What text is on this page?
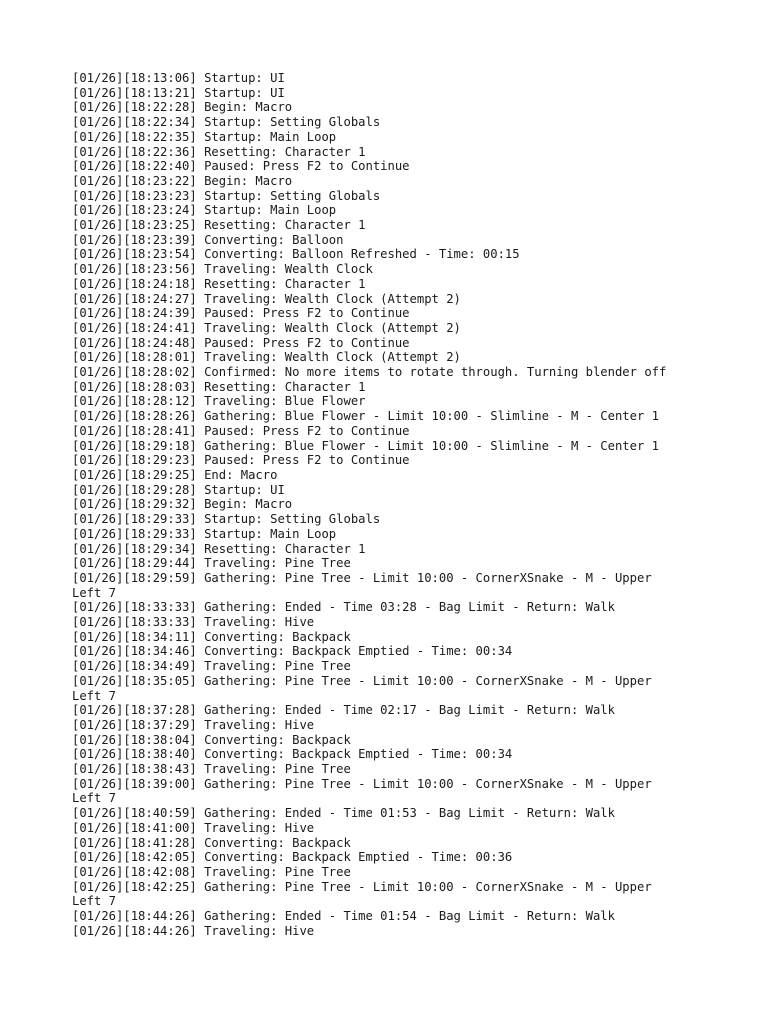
[01/26][18:13:06] Startup: UI
[01/26][18:13:21] Startup: UI
[01/26][18:22:28] Begin: Macro
[01/26][18:22:34] Startup: Setting Globals
[01/26][18:22:35] Startup: Main Loop
[01/26][18:22:36] Resetting: Character 1
[01/26][18:22:40] Paused: Press F2 to Continue
[01/26][18:23:22] Begin: Macro
[01/26][18:23:23] Startup: Setting Globals
[01/26][18:23:24] Startup: Main Loop
[01/26][18:23:25] Resetting: Character 1
[01/26][18:23:39] Converting: Balloon
[01/26][18:23:54] Converting: Balloon Refreshed - Time: 00:15
[01/26][18:23:56] Traveling: Wealth Clock
[01/26][18:24:18] Resetting: Character 1
[01/26][18:24:27] Traveling: Wealth Clock (Attempt 2)
[01/26][18:24:39] Paused: Press F2 to Continue
[01/26][18:24:41] Traveling: Wealth Clock (Attempt 2)
[01/26][18:24:48] Paused: Press F2 to Continue
[01/26][18:28:01] Traveling: Wealth Clock (Attempt 2)
[01/26][18:28:02] Confirmed: No more items to rotate through. Turning blender off
[01/26][18:28:03] Resetting: Character 1
[01/26][18:28:12] Traveling: Blue Flower
[01/26][18:28:26] Gathering: Blue Flower - Limit 10:00 - Slimline - M - Center 1
[01/26][18:28:41] Paused: Press F2 to Continue
[01/26][18:29:18] Gathering: Blue Flower - Limit 10:00 - Slimline - M - Center 1
[01/26][18:29:23] Paused: Press F2 to Continue
[01/26][18:29:25] End: Macro
[01/26][18:29:28] Startup: UI
[01/26][18:29:32] Begin: Macro
[01/26][18:29:33] Startup: Setting Globals
[01/26][18:29:33] Startup: Main Loop
[01/26][18:29:34] Resetting: Character 1
[01/26][18:29:44] Traveling: Pine Tree
[01/26][18:29:59] Gathering: Pine Tree - Limit 10:00 - CornerXSnake - M - Upper
Left 7
[01/26][18:33:33] Gathering: Ended - Time 03:28 - Bag Limit - Return: Walk
[01/26][18:33:33] Traveling: Hive
[01/26][18:34:11] Converting: Backpack
[01/26][18:34:46] Converting: Backpack Emptied - Time: 00:34
[01/26][18:34:49] Traveling: Pine Tree
[01/26][18:35:05] Gathering: Pine Tree - Limit 10:00 - CornerXSnake - M - Upper
Left 7
[01/26][18:37:28] Gathering: Ended - Time 02:17 - Bag Limit - Return: Walk
[01/26][18:37:29] Traveling: Hive
[01/26][18:38:04] Converting: Backpack
[01/26][18:38:40] Converting: Backpack Emptied - Time: 00:34
[01/26][18:38:43] Traveling: Pine Tree
[01/26][18:39:00] Gathering: Pine Tree - Limit 10:00 - CornerXSnake - M - Upper
Left 7
[01/26][18:40:59] Gathering: Ended - Time 01:53 - Bag Limit - Return: Walk
[01/26][18:41:00] Traveling: Hive
[01/26][18:41:28] Converting: Backpack
[01/26][18:42:05] Converting: Backpack Emptied - Time: 00:36
[01/26][18:42:08] Traveling: Pine Tree
[01/26][18:42:25] Gathering: Pine Tree - Limit 10:00 - CornerXSnake - M - Upper
Left 7
[01/26][18:44:26] Gathering: Ended - Time 01:54 - Bag Limit - Return: Walk
[01/26][18:44:26] Traveling: Hive
